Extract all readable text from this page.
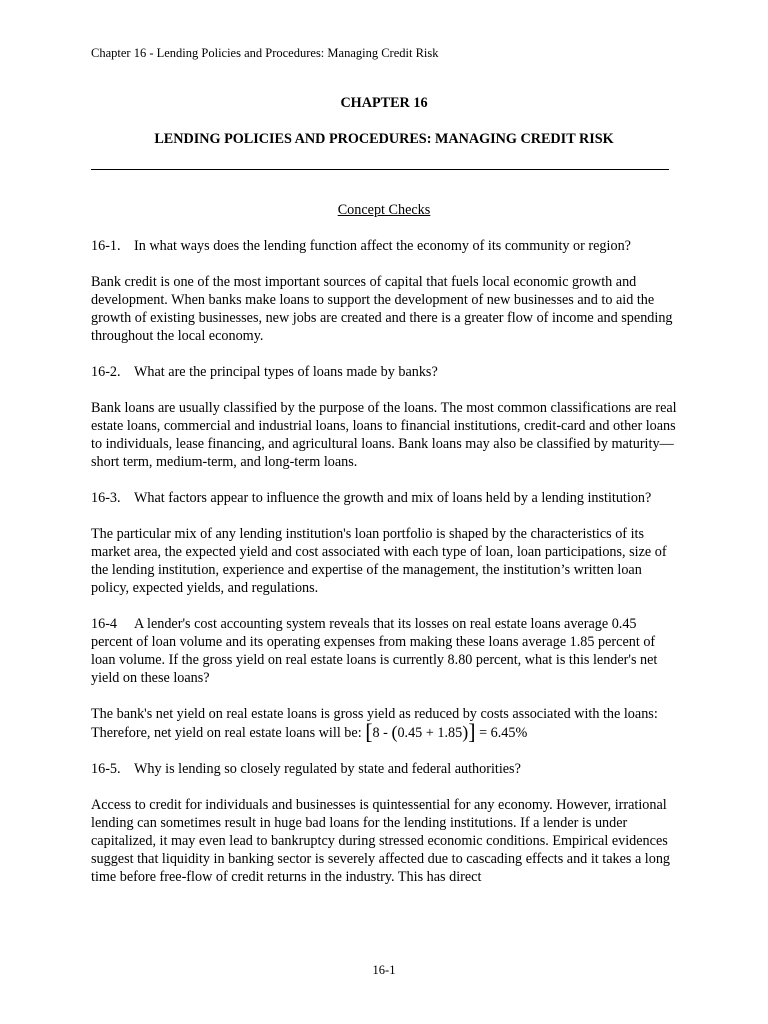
Chapter 16 - Lending Policies and Procedures: Managing Credit Risk
CHAPTER 16
LENDING POLICIES AND PROCEDURES: MANAGING CREDIT RISK
Concept Checks

16-1. In what ways does the lending function affect the economy of its community or region?

Bank credit is one of the most important sources of capital that fuels local economic growth and development. When banks make loans to support the development of new businesses and to aid the growth of existing businesses, new jobs are created and there is a greater flow of income and spending throughout the local economy.

16-2. What are the principal types of loans made by banks?

Bank loans are usually classified by the purpose of the loans. The most common classifications are real estate loans, commercial and industrial loans, loans to financial institutions, credit-card and other loans to individuals, lease financing, and agricultural loans. Bank loans may also be classified by maturity—short term, medium-term, and long-term loans.

16-3. What factors appear to influence the growth and mix of loans held by a lending institution?

The particular mix of any lending institution's loan portfolio is shaped by the characteristics of its market area, the expected yield and cost associated with each type of loan, loan participations, size of the lending institution, experience and expertise of the management, the institution’s written loan policy, expected yields, and regulations.

16-4 A lender's cost accounting system reveals that its losses on real estate loans average 0.45 percent of loan volume and its operating expenses from making these loans average 1.85 percent of loan volume. If the gross yield on real estate loans is currently 8.80 percent, what is this lender's net yield on these loans?

The bank's net yield on real estate loans is gross yield as reduced by costs associated with the loans:
Therefore, net yield on real estate loans will be: [8 - (0.45 + 1.85)] = 6.45%

16-5. Why is lending so closely regulated by state and federal authorities?

Access to credit for individuals and businesses is quintessential for any economy. However, irrational lending can sometimes result in huge bad loans for the lending institutions. If a lender is under capitalized, it may even lead to bankruptcy during stressed economic conditions. Empirical evidences suggest that liquidity in banking sector is severely affected due to cascading effects and it takes a long time before free-flow of credit returns in the industry. This has direct

16-1
